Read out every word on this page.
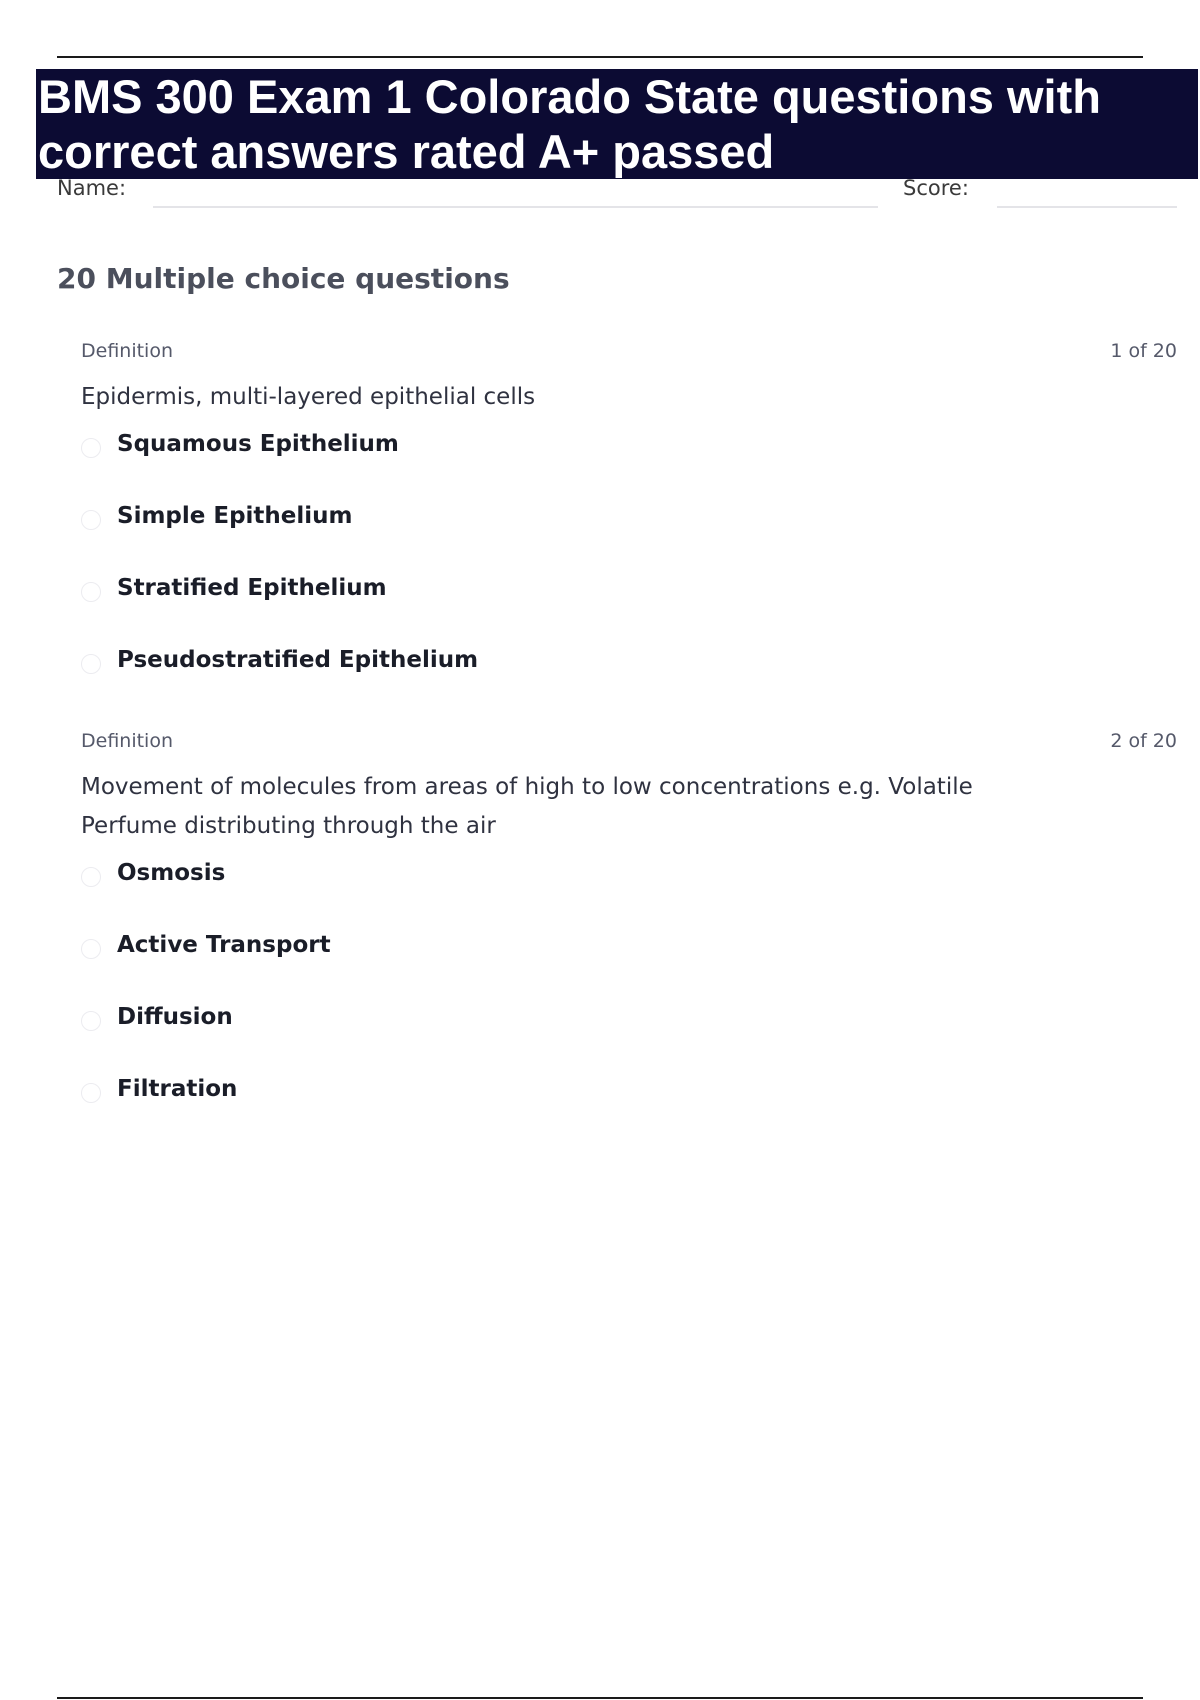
BMS 300 Exam 1 Colorado State questions with
correct answers rated A+ passed
Name:	Score:
20 Multiple choice questions
Definition	1 of 20
Epidermis, multi-layered epithelial cells
Squamous Epithelium
Simple Epithelium
Stratified Epithelium
Pseudostratified Epithelium
Definition	2 of 20
Movement of molecules from areas of high to low concentrations e.g. Volatile Perfume distributing through the air
Osmosis
Active Transport
Diffusion
Filtration
